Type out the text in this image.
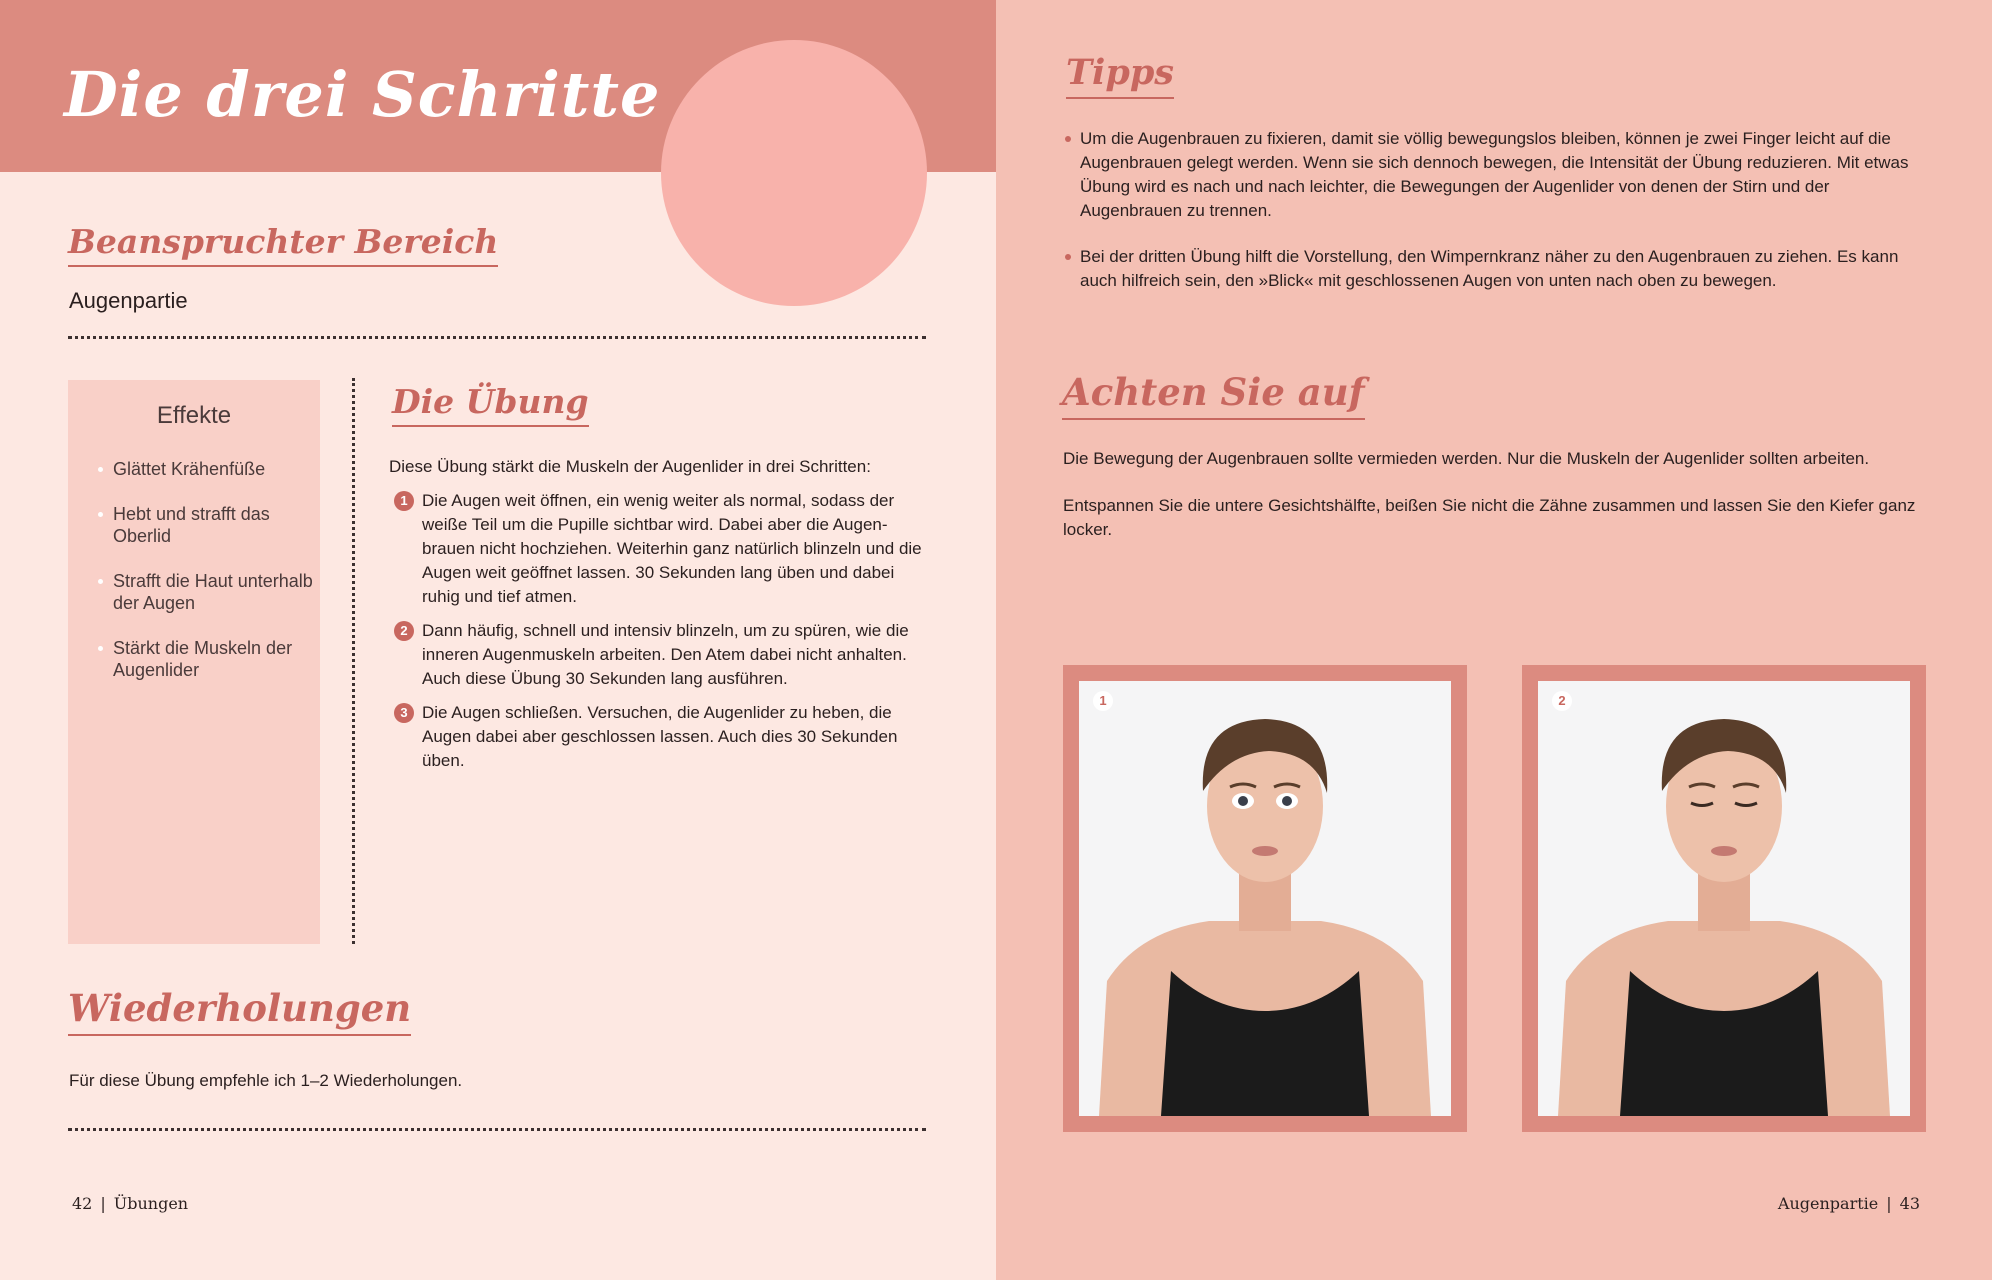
Die drei Schritte
Beanspruchter Bereich
Augenpartie
Effekte
Glättet Krähenfüße
Hebt und strafft das Oberlid
Strafft die Haut unterhalb der Augen
Stärkt die Muskeln der Augenlider
Die Übung
Diese Übung stärkt die Muskeln der Augenlider in drei Schritten:
1 Die Augen weit öffnen, ein wenig weiter als normal, sodass der weiße Teil um die Pupille sichtbar wird. Dabei aber die Augenbrauen nicht hochziehen. Weiterhin ganz natürlich blinzeln und die Augen weit geöffnet lassen. 30 Sekunden lang üben und dabei ruhig und tief atmen.
2 Dann häufig, schnell und intensiv blinzeln, um zu spüren, wie die inneren Augenmuskeln arbeiten. Den Atem dabei nicht anhalten. Auch diese Übung 30 Sekunden lang ausführen.
3 Die Augen schließen. Versuchen, die Augenlider zu heben, die Augen dabei aber geschlossen lassen. Auch dies 30 Sekunden üben.
Wiederholungen
Für diese Übung empfehle ich 1–2 Wiederholungen.
42 | Übungen
Tipps
Um die Augenbrauen zu fixieren, damit sie völlig bewegungslos bleiben, können je zwei Finger leicht auf die Augenbrauen gelegt werden. Wenn sie sich dennoch bewegen, die Intensität der Übung reduzieren. Mit etwas Übung wird es nach und nach leichter, die Bewegungen der Augenlider von denen der Stirn und der Augenbrauen zu trennen.
Bei der dritten Übung hilft die Vorstellung, den Wimpernkranz näher zu den Augenbrauen zu ziehen. Es kann auch hilfreich sein, den »Blick« mit geschlossenen Augen von unten nach oben zu bewegen.
Achten Sie auf

Die Bewegung der Augenbrauen sollte vermieden werden. Nur die Muskeln der Augenlider sollten arbeiten.

Entspannen Sie die untere Gesichtshälfte, beißen Sie nicht die Zähne zusammen und lassen Sie den Kiefer ganz locker.

1	2
Augenpartie | 43
